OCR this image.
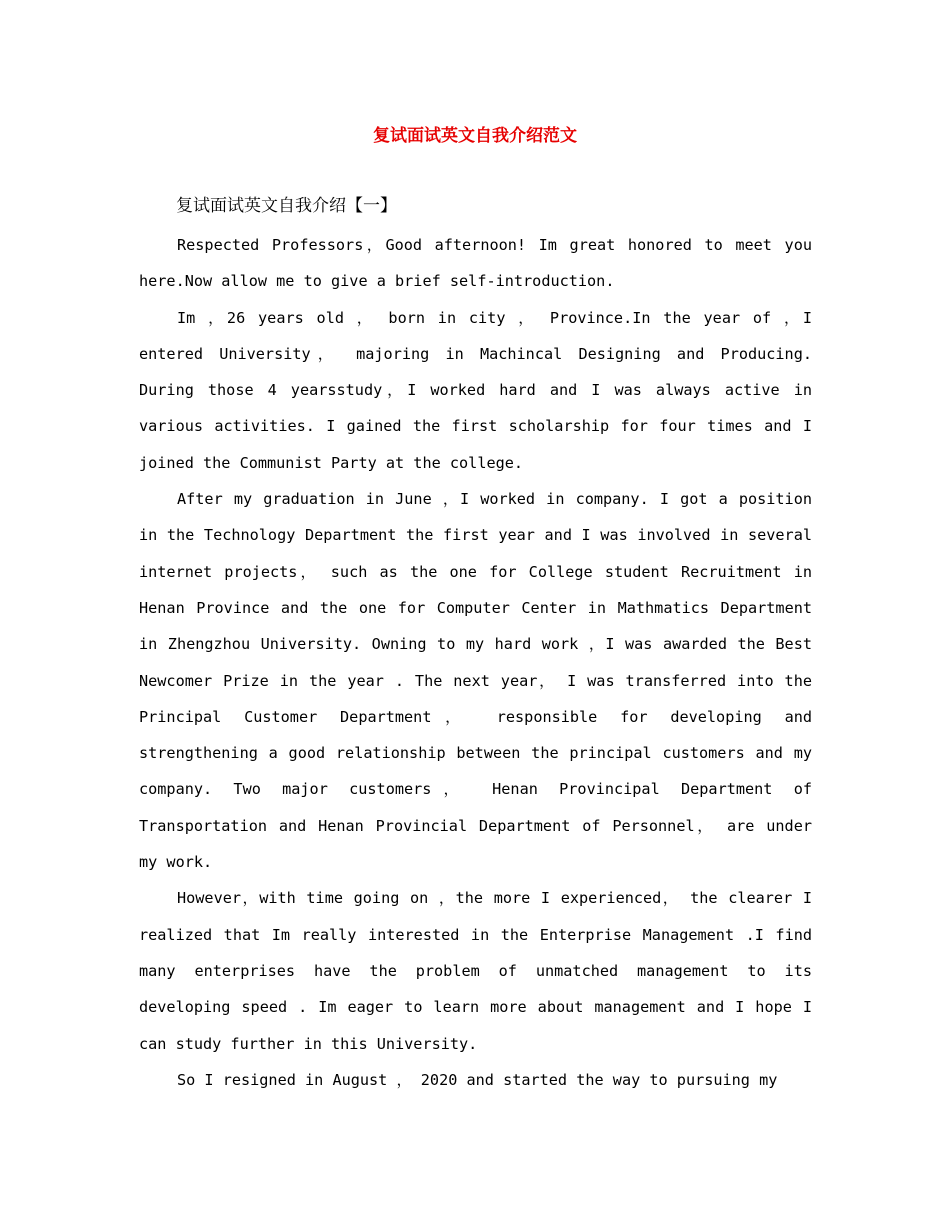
复试面试英文自我介绍范文
复试面试英文自我介绍【一】

Respected Professors，Good afternoon! Im great honored to meet you here.Now allow me to give a brief self-introduction.

Im ，26 years old ， born in city ， Province.In the year of ，I entered University， majoring in Machincal Designing and Producing. During those 4 yearsstudy，I worked hard and I was always active in various activities. I gained the first scholarship for four times and I joined the Communist Party at the college.

After my graduation in June ，I worked in company. I got a position in the Technology Department the first year and I was involved in several internet projects， such as the one for College student Recruitment in Henan Province and the one for Computer Center in Mathmatics Department in Zhengzhou University. Owning to my hard work ，I was awarded the Best Newcomer Prize in the year . The next year， I was transferred into the Principal Customer Department， responsible for developing and strengthening a good relationship between the principal customers and my company. Two major customers， Henan Provincipal Department of Transportation and Henan Provincial Department of Personnel， are under my work.

However，with time going on ，the more I experienced， the clearer I realized that Im really interested in the Enterprise Management .I find many enterprises have the problem of unmatched management to its developing speed . Im eager to learn more about management and I hope I can study further in this University.

So I resigned in August ， 2020 and started the way to pursuing my
